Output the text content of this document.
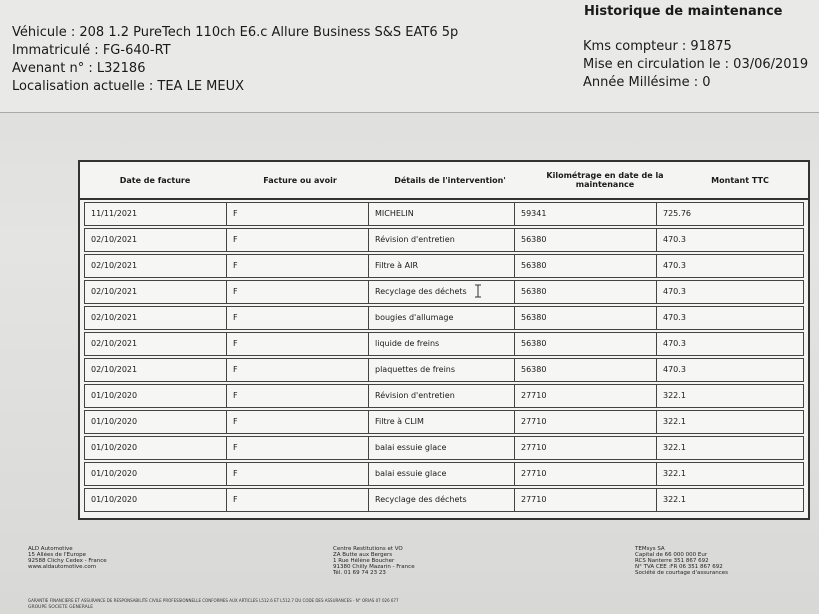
Véhicule : 208 1.2 PureTech 110ch E6.c Allure Business S&S EAT6 5p
Immatriculé : FG-640-RT
Avenant n° : L32186
Localisation actuelle : TEA LE MEUX
Historique de maintenance
Kms compteur : 91875
Mise en circulation le : 03/06/2019
Année Millésime : 0
Date de facture	Facture ou avoir	Détails de l'intervention'	Kilométrage en date de la maintenance	Montant TTC
11/11/2021	F	MICHELIN	59341	725.76
02/10/2021	F	Révision d'entretien	56380	470.3
02/10/2021	F	Filtre à AIR	56380	470.3
02/10/2021	F	Recyclage des déchets	56380	470.3
02/10/2021	F	bougies d'allumage	56380	470.3
02/10/2021	F	liquide de freins	56380	470.3
02/10/2021	F	plaquettes de freins	56380	470.3
01/10/2020	F	Révision d'entretien	27710	322.1
01/10/2020	F	Filtre à CLIM	27710	322.1
01/10/2020	F	balai essuie glace	27710	322.1
01/10/2020	F	balai essuie glace	27710	322.1
01/10/2020	F	Recyclage des déchets	27710	322.1
ALD Automotive
15 Allées de l'Europe
92588 Clichy Cedex - France
www.aldautomotive.com
Centre Restitutions et VO
ZA Butte aux Bergers
1 Rue Hélène Boucher
91380 Chilly Mazarin - France
Tél. 01 69 74 23 23
TEMsys SA
Capital de 66 000 000 Eur
RCS Nanterre 351 867 692
N° TVA CEE :FR 06 351 867 692
Société de courtage d'assurances
GARANTIE FINANCIERE ET ASSURANCE DE RESPONSABILITE CIVILE PROFESSIONNELLE CONFORMES AUX ARTICLES L512.6 ET L512.7 DU CODE DES ASSURANCES - N° ORIAS 07 026 677
GROUPE SOCIETE GENERALE
